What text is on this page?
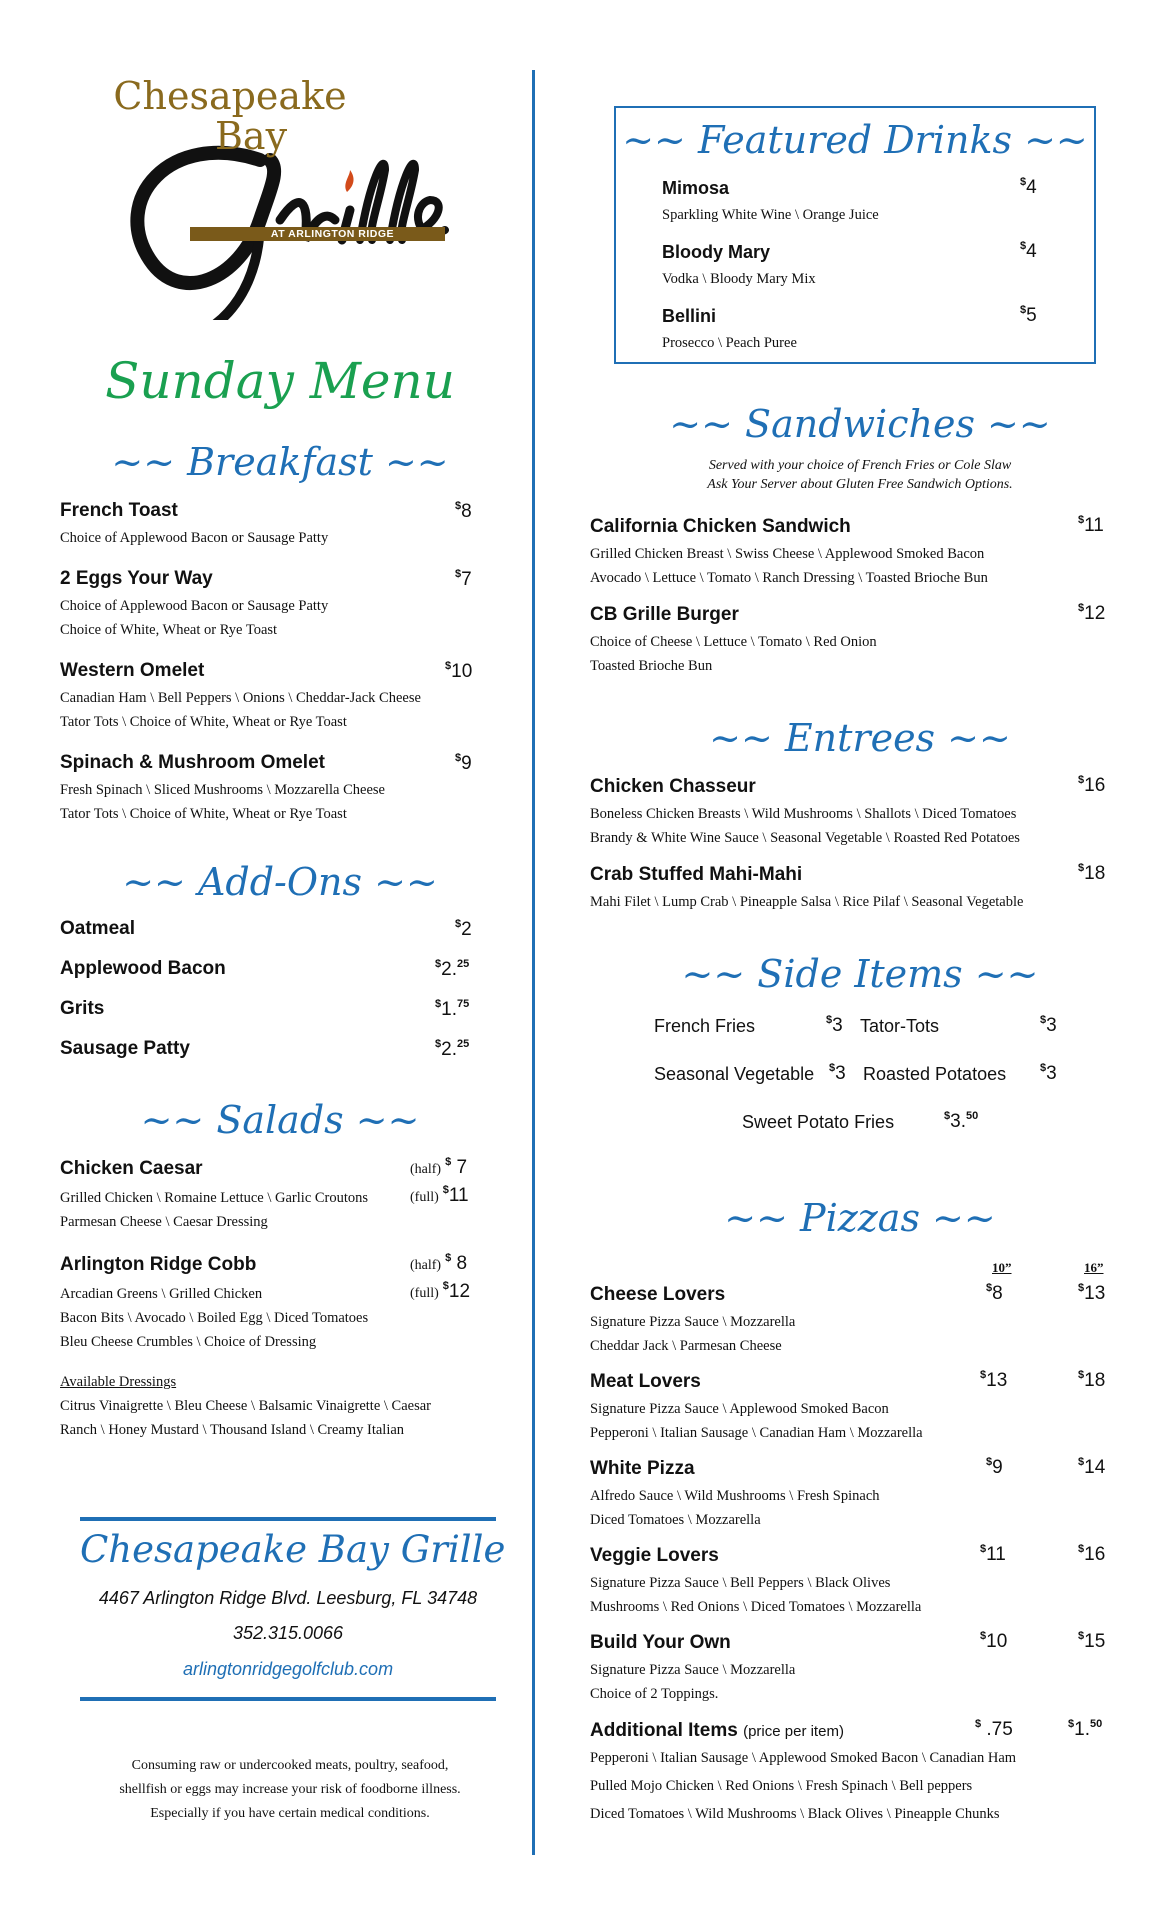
Chesapeake
Bay
AT ARLINGTON RIDGE
Sunday Menu
~~ Breakfast ~~
French Toast	$8
Choice of Applewood Bacon or Sausage Patty
2 Eggs Your Way	$7
Choice of Applewood Bacon or Sausage Patty
Choice of White, Wheat or Rye Toast
Western Omelet	$10
Canadian Ham \ Bell Peppers \ Onions \ Cheddar-Jack Cheese
Tator Tots \ Choice of White, Wheat or Rye Toast
Spinach & Mushroom Omelet	$9
Fresh Spinach \ Sliced Mushrooms \ Mozzarella Cheese
Tator Tots \ Choice of White, Wheat or Rye Toast
~~ Add-Ons ~~
Oatmeal	$2
Applewood Bacon	$2.25
Grits	$1.75
Sausage Patty	$2.25
~~ Salads ~~
Chicken Caesar	(half) $ 7
(full) $11
Grilled Chicken \ Romaine Lettuce \ Garlic Croutons
Parmesan Cheese \ Caesar Dressing
Arlington Ridge Cobb	(half) $ 8
(full) $12
Arcadian Greens \ Grilled Chicken
Bacon Bits \ Avocado \ Boiled Egg \ Diced Tomatoes
Bleu Cheese Crumbles \ Choice of Dressing
Available Dressings
Citrus Vinaigrette \ Bleu Cheese \ Balsamic Vinaigrette \ Caesar
Ranch \ Honey Mustard \ Thousand Island \ Creamy Italian
Chesapeake Bay Grille
4467 Arlington Ridge Blvd. Leesburg, FL 34748
352.315.0066
arlingtonridgegolfclub.com
Consuming raw or undercooked meats, poultry, seafood,
shellfish or eggs may increase your risk of foodborne illness.
Especially if you have certain medical conditions.
~~ Featured Drinks ~~
Mimosa	$4
Sparkling White Wine \ Orange Juice
Bloody Mary	$4
Vodka \ Bloody Mary Mix
Bellini	$5
Prosecco \ Peach Puree
~~ Sandwiches ~~
Served with your choice of French Fries or Cole Slaw
Ask Your Server about Gluten Free Sandwich Options.
California Chicken Sandwich	$11
Grilled Chicken Breast \ Swiss Cheese \ Applewood Smoked Bacon
Avocado \ Lettuce \ Tomato \ Ranch Dressing \ Toasted Brioche Bun
CB Grille Burger	$12
Choice of Cheese \ Lettuce \ Tomato \ Red Onion
Toasted Brioche Bun
~~ Entrees ~~
Chicken Chasseur	$16
Boneless Chicken Breasts \ Wild Mushrooms \ Shallots \ Diced Tomatoes
Brandy & White Wine Sauce \ Seasonal Vegetable \ Roasted Red Potatoes
Crab Stuffed Mahi-Mahi	$18
Mahi Filet \ Lump Crab \ Pineapple Salsa \ Rice Pilaf \ Seasonal Vegetable
~~ Side Items ~~
French Fries	$3 Tator-Tots	$3
Seasonal Vegetable $3 Roasted Potatoes	$3
Sweet Potato Fries	$3.50
~~ Pizzas ~~
10”	16”
Cheese Lovers	$8	$13
Signature Pizza Sauce \ Mozzarella
Cheddar Jack \ Parmesan Cheese
Meat Lovers	$13	$18
Signature Pizza Sauce \ Applewood Smoked Bacon
Pepperoni \ Italian Sausage \ Canadian Ham \ Mozzarella
White Pizza	$9	$14
Alfredo Sauce \ Wild Mushrooms \ Fresh Spinach
Diced Tomatoes \ Mozzarella
Veggie Lovers	$11	$16
Signature Pizza Sauce \ Bell Peppers \ Black Olives
Mushrooms \ Red Onions \ Diced Tomatoes \ Mozzarella
Build Your Own	$10	$15
Signature Pizza Sauce \ Mozzarella
Choice of 2 Toppings.
Additional Items (price per item)	$ .75	$1.50
Pepperoni \ Italian Sausage \ Applewood Smoked Bacon \ Canadian Ham
Pulled Mojo Chicken \ Red Onions \ Fresh Spinach \ Bell peppers
Diced Tomatoes \ Wild Mushrooms \ Black Olives \ Pineapple Chunks
